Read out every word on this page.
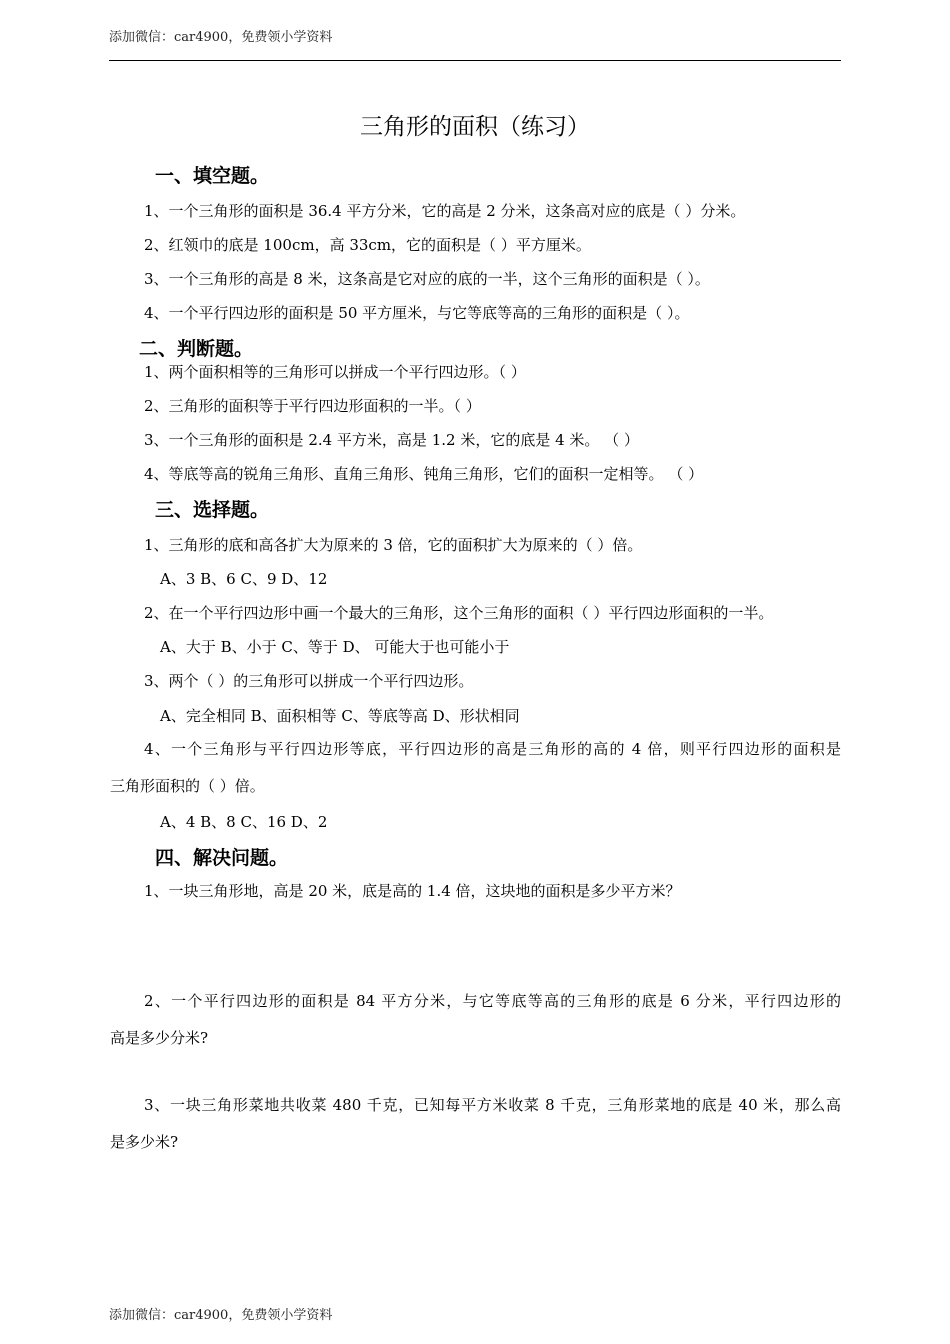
添加微信：car4900，免费领小学资料
三角形的面积（练习）
一、填空题。
1、一个三角形的面积是 36.4 平方分米，它的高是 2 分米，这条高对应的底是（ ）分米。
2、红领巾的底是 100cm，高 33cm，它的面积是（ ）平方厘米。
3、一个三角形的高是 8 米，这条高是它对应的底的一半，这个三角形的面积是（ ）。
4、一个平行四边形的面积是 50 平方厘米，与它等底等高的三角形的面积是（ ）。
二、判断题。
1、两个面积相等的三角形可以拼成一个平行四边形。（ ）
2、三角形的面积等于平行四边形面积的一半。（ ）
3、一个三角形的面积是 2.4 平方米，高是 1.2 米，它的底是 4 米。 （ ）
4、等底等高的锐角三角形、直角三角形、钝角三角形，它们的面积一定相等。 （ ）
三、选择题。
1、三角形的底和高各扩大为原来的 3 倍，它的面积扩大为原来的（ ）倍。
A、3 B、6 C、9 D、12
2、在一个平行四边形中画一个最大的三角形，这个三角形的面积（ ）平行四边形面积的一半。
A、大于 B、小于 C、等于 D、 可能大于也可能小于
3、两个（ ）的三角形可以拼成一个平行四边形。
A、完全相同 B、面积相等 C、等底等高 D、形状相同
4、一个三角形与平行四边形等底，平行四边形的高是三角形的高的 4 倍，则平行四边形的面积是
三角形面积的（ ）倍。
A、4 B、8 C、16 D、2
四、解决问题。
1、一块三角形地，高是 20 米，底是高的 1.4 倍，这块地的面积是多少平方米？
2、一个平行四边形的面积是 84 平方分米，与它等底等高的三角形的底是 6 分米，平行四边形的
高是多少分米?
3、一块三角形菜地共收菜 480 千克，已知每平方米收菜 8 千克，三角形菜地的底是 40 米，那么高
是多少米?
添加微信：car4900，免费领小学资料
